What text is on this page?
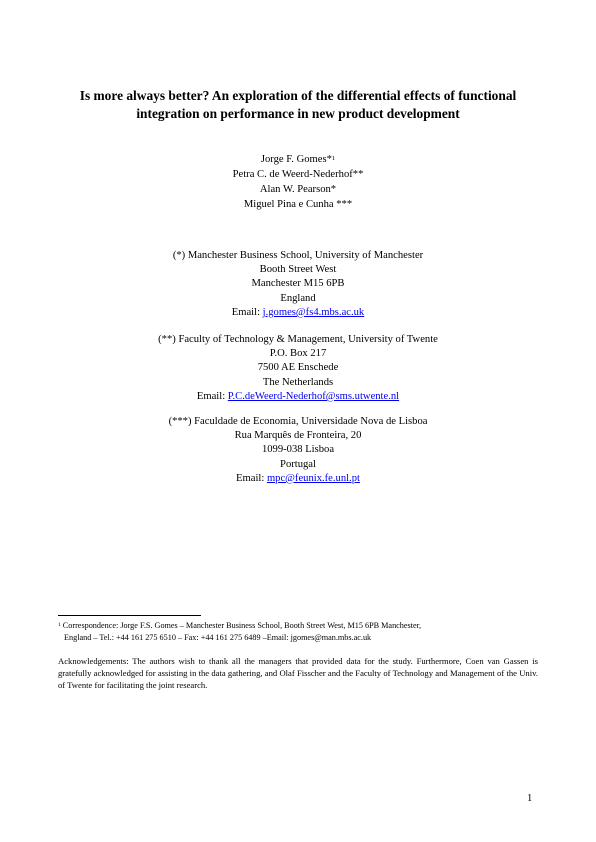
Is more always better? An exploration of the differential effects of functional
integration on performance in new product development
Jorge F. Gomes*$^1$
Petra C. de Weerd-Nederhof**
Alan W. Pearson*
Miguel Pina e Cunha ***
(*) Manchester Business School, University of Manchester
Booth Street West
Manchester M15 6PB
England
Email: j.gomes@fs4.mbs.ac.uk
(**) Faculty of Technology & Management, University of Twente
P.O. Box 217
7500 AE Enschede
The Netherlands
Email: P.C.deWeerd-Nederhof@sms.utwente.nl
(***) Faculdade de Economia, Universidade Nova de Lisboa
Rua Marquês de Fronteira, 20
1099-038 Lisboa
Portugal
Email: mpc@feunix.fe.unl.pt
$^1$ Correspondence: Jorge F.S. Gomes – Manchester Business School, Booth Street West, M15 6PB Manchester,
England – Tel.: +44 161 275 6510 – Fax: +44 161 275 6489 –Email: jgomes@man.mbs.ac.uk
Acknowledgements: The authors wish to thank all the managers that provided data for the study. Furthermore, Coen van Gassen is gratefully acknowledged for assisting in the data gathering, and Olaf Fisscher and the Faculty of Technology and Management of the Univ. of Twente for facilitating the joint research.
1
